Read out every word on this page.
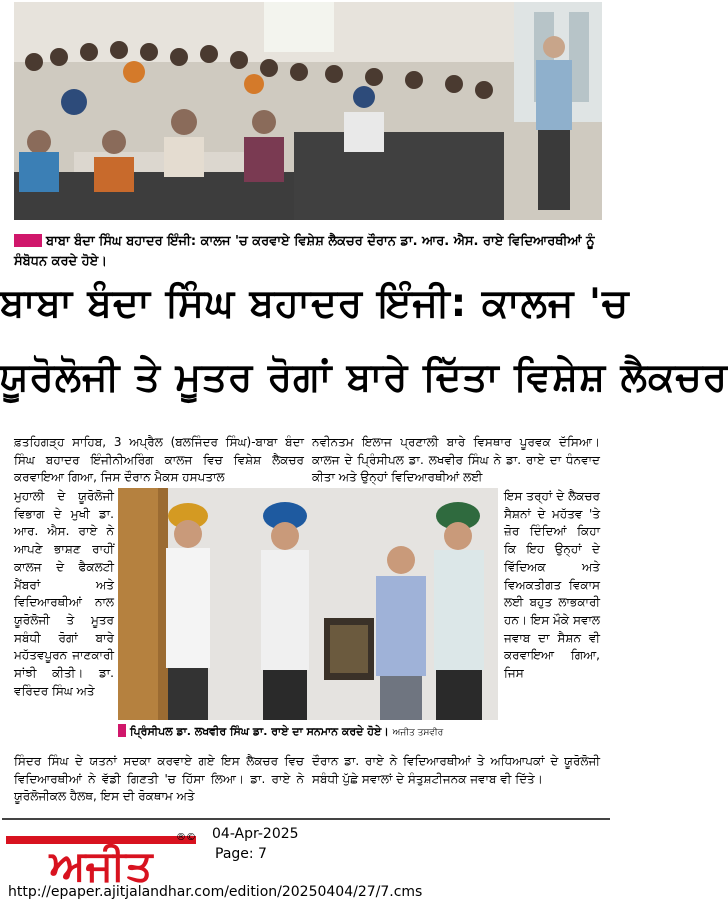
ਬਾਬਾ ਬੰਦਾ ਸਿੰਘ ਬਹਾਦਰ ਇੰਜੀ: ਕਾਲਜ 'ਚ ਕਰਵਾਏ ਵਿਸ਼ੇਸ਼ ਲੈਕਚਰ ਦੌਰਾਨ ਡਾ. ਆਰ. ਐਸ. ਰਾਏ ਵਿਦਿਆਰਥੀਆਂ ਨੂੰ ਸੰਬੋਧਨ ਕਰਦੇ ਹੋਏ।
ਬਾਬਾ ਬੰਦਾ ਸਿੰਘ ਬਹਾਦਰ ਇੰਜੀ: ਕਾਲਜ 'ਚ
ਯੂਰੋਲੋਜੀ ਤੇ ਮੂਤਰ ਰੋਗਾਂ ਬਾਰੇ ਦਿੱਤਾ ਵਿਸ਼ੇਸ਼ ਲੈਕਚਰ

ਫ਼ਤਹਿਗੜ੍ਹ ਸਾਹਿਬ, 3 ਅਪ੍ਰੈਲ (ਬਲਜਿੰਦਰ ਸਿੰਘ)-ਬਾਬਾ ਬੰਦਾ ਸਿੰਘ ਬਹਾਦਰ ਇੰਜੀਨੀਅਰਿੰਗ ਕਾਲਜ ਵਿਚ ਵਿਸ਼ੇਸ਼ ਲੈਕਚਰ ਕਰਵਾਇਆ ਗਿਆ, ਜਿਸ ਦੌਰਾਨ ਮੈਕਸ ਹਸਪਤਾਲ

ਮੁਹਾਲੀ ਦੇ ਯੂਰੋਲੋਜੀ ਵਿਭਾਗ ਦੇ ਮੁਖੀ ਡਾ. ਆਰ. ਐਸ. ਰਾਏ ਨੇ ਆਪਣੇ ਭਾਸ਼ਣ ਰਾਹੀਂ ਕਾਲਜ ਦੇ ਫੈਕਲਟੀ ਮੈਂਬਰਾਂ ਅਤੇ ਵਿਦਿਆਰਥੀਆਂ ਨਾਲ ਯੂਰੋਲੋਜੀ ਤੇ ਮੂਤਰ ਸਬੰਧੀ ਰੋਗਾਂ ਬਾਰੇ ਮਹੱਤਵਪੂਰਨ ਜਾਣਕਾਰੀ ਸਾਂਝੀ ਕੀਤੀ। ਡਾ. ਵਰਿੰਦਰ ਸਿੰਘ ਅਤੇ

ਸਿੰਦਰ ਸਿੰਘ ਦੇ ਯਤਨਾਂ ਸਦਕਾ ਕਰਵਾਏ ਗਏ ਇਸ ਲੈਕਚਰ ਵਿਚ ਵਿਦਿਆਰਥੀਆਂ ਨੇ ਵੱਡੀ ਗਿਣਤੀ 'ਚ ਹਿੱਸਾ ਲਿਆ। ਡਾ. ਰਾਏ ਨੇ ਯੂਰੋਲੋਜੀਕਲ ਹੈਲਥ, ਇਸ ਦੀ ਰੋਕਥਾਮ ਅਤੇ

ਨਵੀਨਤਮ ਇਲਾਜ ਪ੍ਰਣਾਲੀ ਬਾਰੇ ਵਿਸਥਾਰ ਪੂਰਵਕ ਦੱਸਿਆ। ਕਾਲਜ ਦੇ ਪ੍ਰਿੰਸੀਪਲ ਡਾ. ਲਖਵੀਰ ਸਿੰਘ ਨੇ ਡਾ. ਰਾਏ ਦਾ ਧੰਨਵਾਦ ਕੀਤਾ ਅਤੇ ਉਨ੍ਹਾਂ ਵਿਦਿਆਰਥੀਆਂ ਲਈ

ਇਸ ਤਰ੍ਹਾਂ ਦੇ ਲੈਕਚਰ ਸੈਸ਼ਨਾਂ ਦੇ ਮਹੱਤਵ 'ਤੇ ਜ਼ੋਰ ਦਿੰਦਿਆਂ ਕਿਹਾ ਕਿ ਇਹ ਉਨ੍ਹਾਂ ਦੇ ਵਿੱਦਿਅਕ ਅਤੇ ਵਿਅਕਤੀਗਤ ਵਿਕਾਸ ਲਈ ਬਹੁਤ ਲਾਭਕਾਰੀ ਹਨ। ਇਸ ਮੌਕੇ ਸਵਾਲ ਜਵਾਬ ਦਾ ਸੈਸ਼ਨ ਵੀ ਕਰਵਾਇਆ ਗਿਆ, ਜਿਸ

ਦੌਰਾਨ ਡਾ. ਰਾਏ ਨੇ ਵਿਦਿਆਰਥੀਆਂ ਤੇ ਅਧਿਆਪਕਾਂ ਦੇ ਯੂਰੋਲੋਜੀ ਸਬੰਧੀ ਪੁੱਛੇ ਸਵਾਲਾਂ ਦੇ ਸੰਤੁਸ਼ਟੀਜਨਕ ਜਵਾਬ ਵੀ ਦਿੱਤੇ।

ਪ੍ਰਿੰਸੀਪਲ ਡਾ. ਲਖਵੀਰ ਸਿੰਘ ਡਾ. ਰਾਏ ਦਾ ਸਨਮਾਨ ਕਰਦੇ ਹੋਏ। ਅਜੀਤ ਤਸਵੀਰ
ਅਜੀਤ
®© 04-Apr-2025
Page: 7
http://epaper.ajitjalandhar.com/edition/20250404/27/7.cms
